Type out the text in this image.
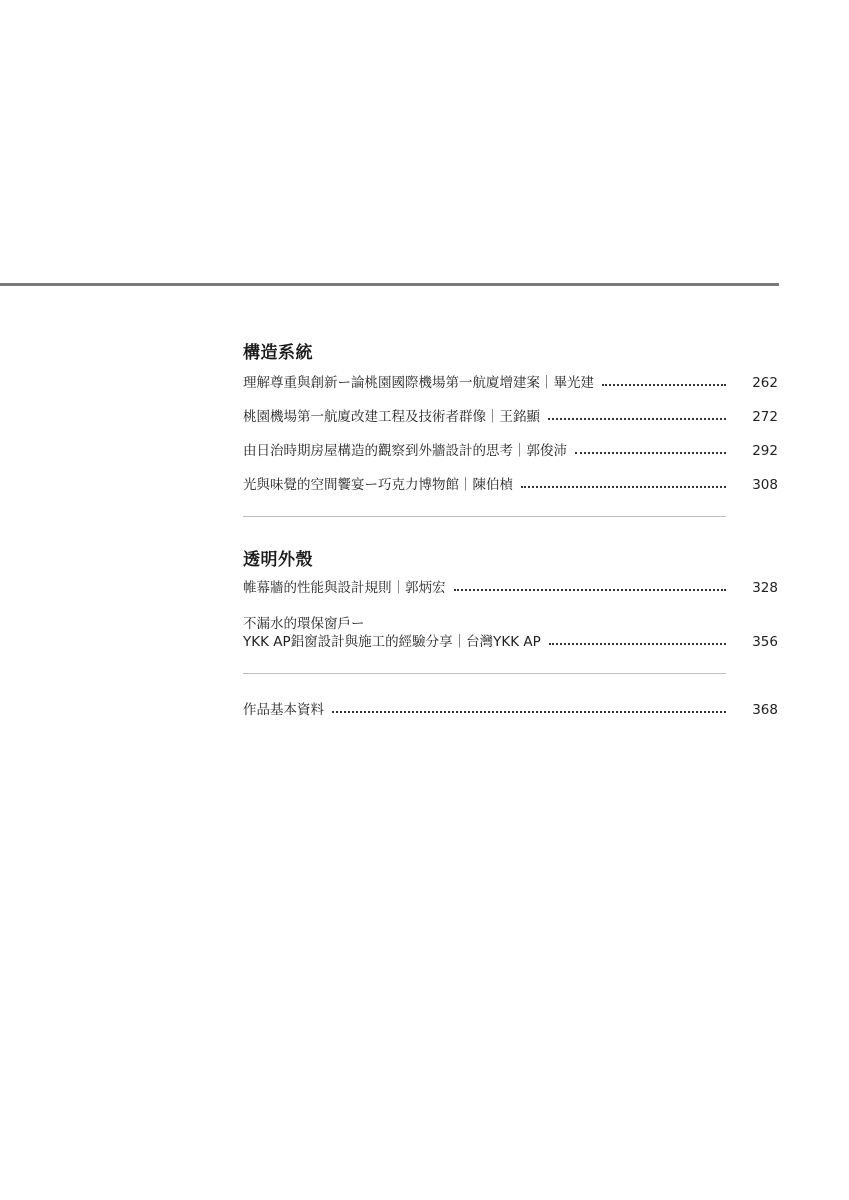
構造系統
理解尊重與創新ー論桃園國際機場第一航廈增建案｜畢光建	262
桃園機場第一航廈改建工程及技術者群像｜王銘顯	272
由日治時期房屋構造的觀察到外牆設計的思考｜郭俊沛	292
光與味覺的空間饗宴ー巧克力博物館｜陳伯楨	308
透明外殼
帷幕牆的性能與設計規則｜郭炳宏	328
不漏水的環保窗戶ー
YKK AP鋁窗設計與施工的經驗分享｜台灣YKK AP	356
作品基本資料	368
